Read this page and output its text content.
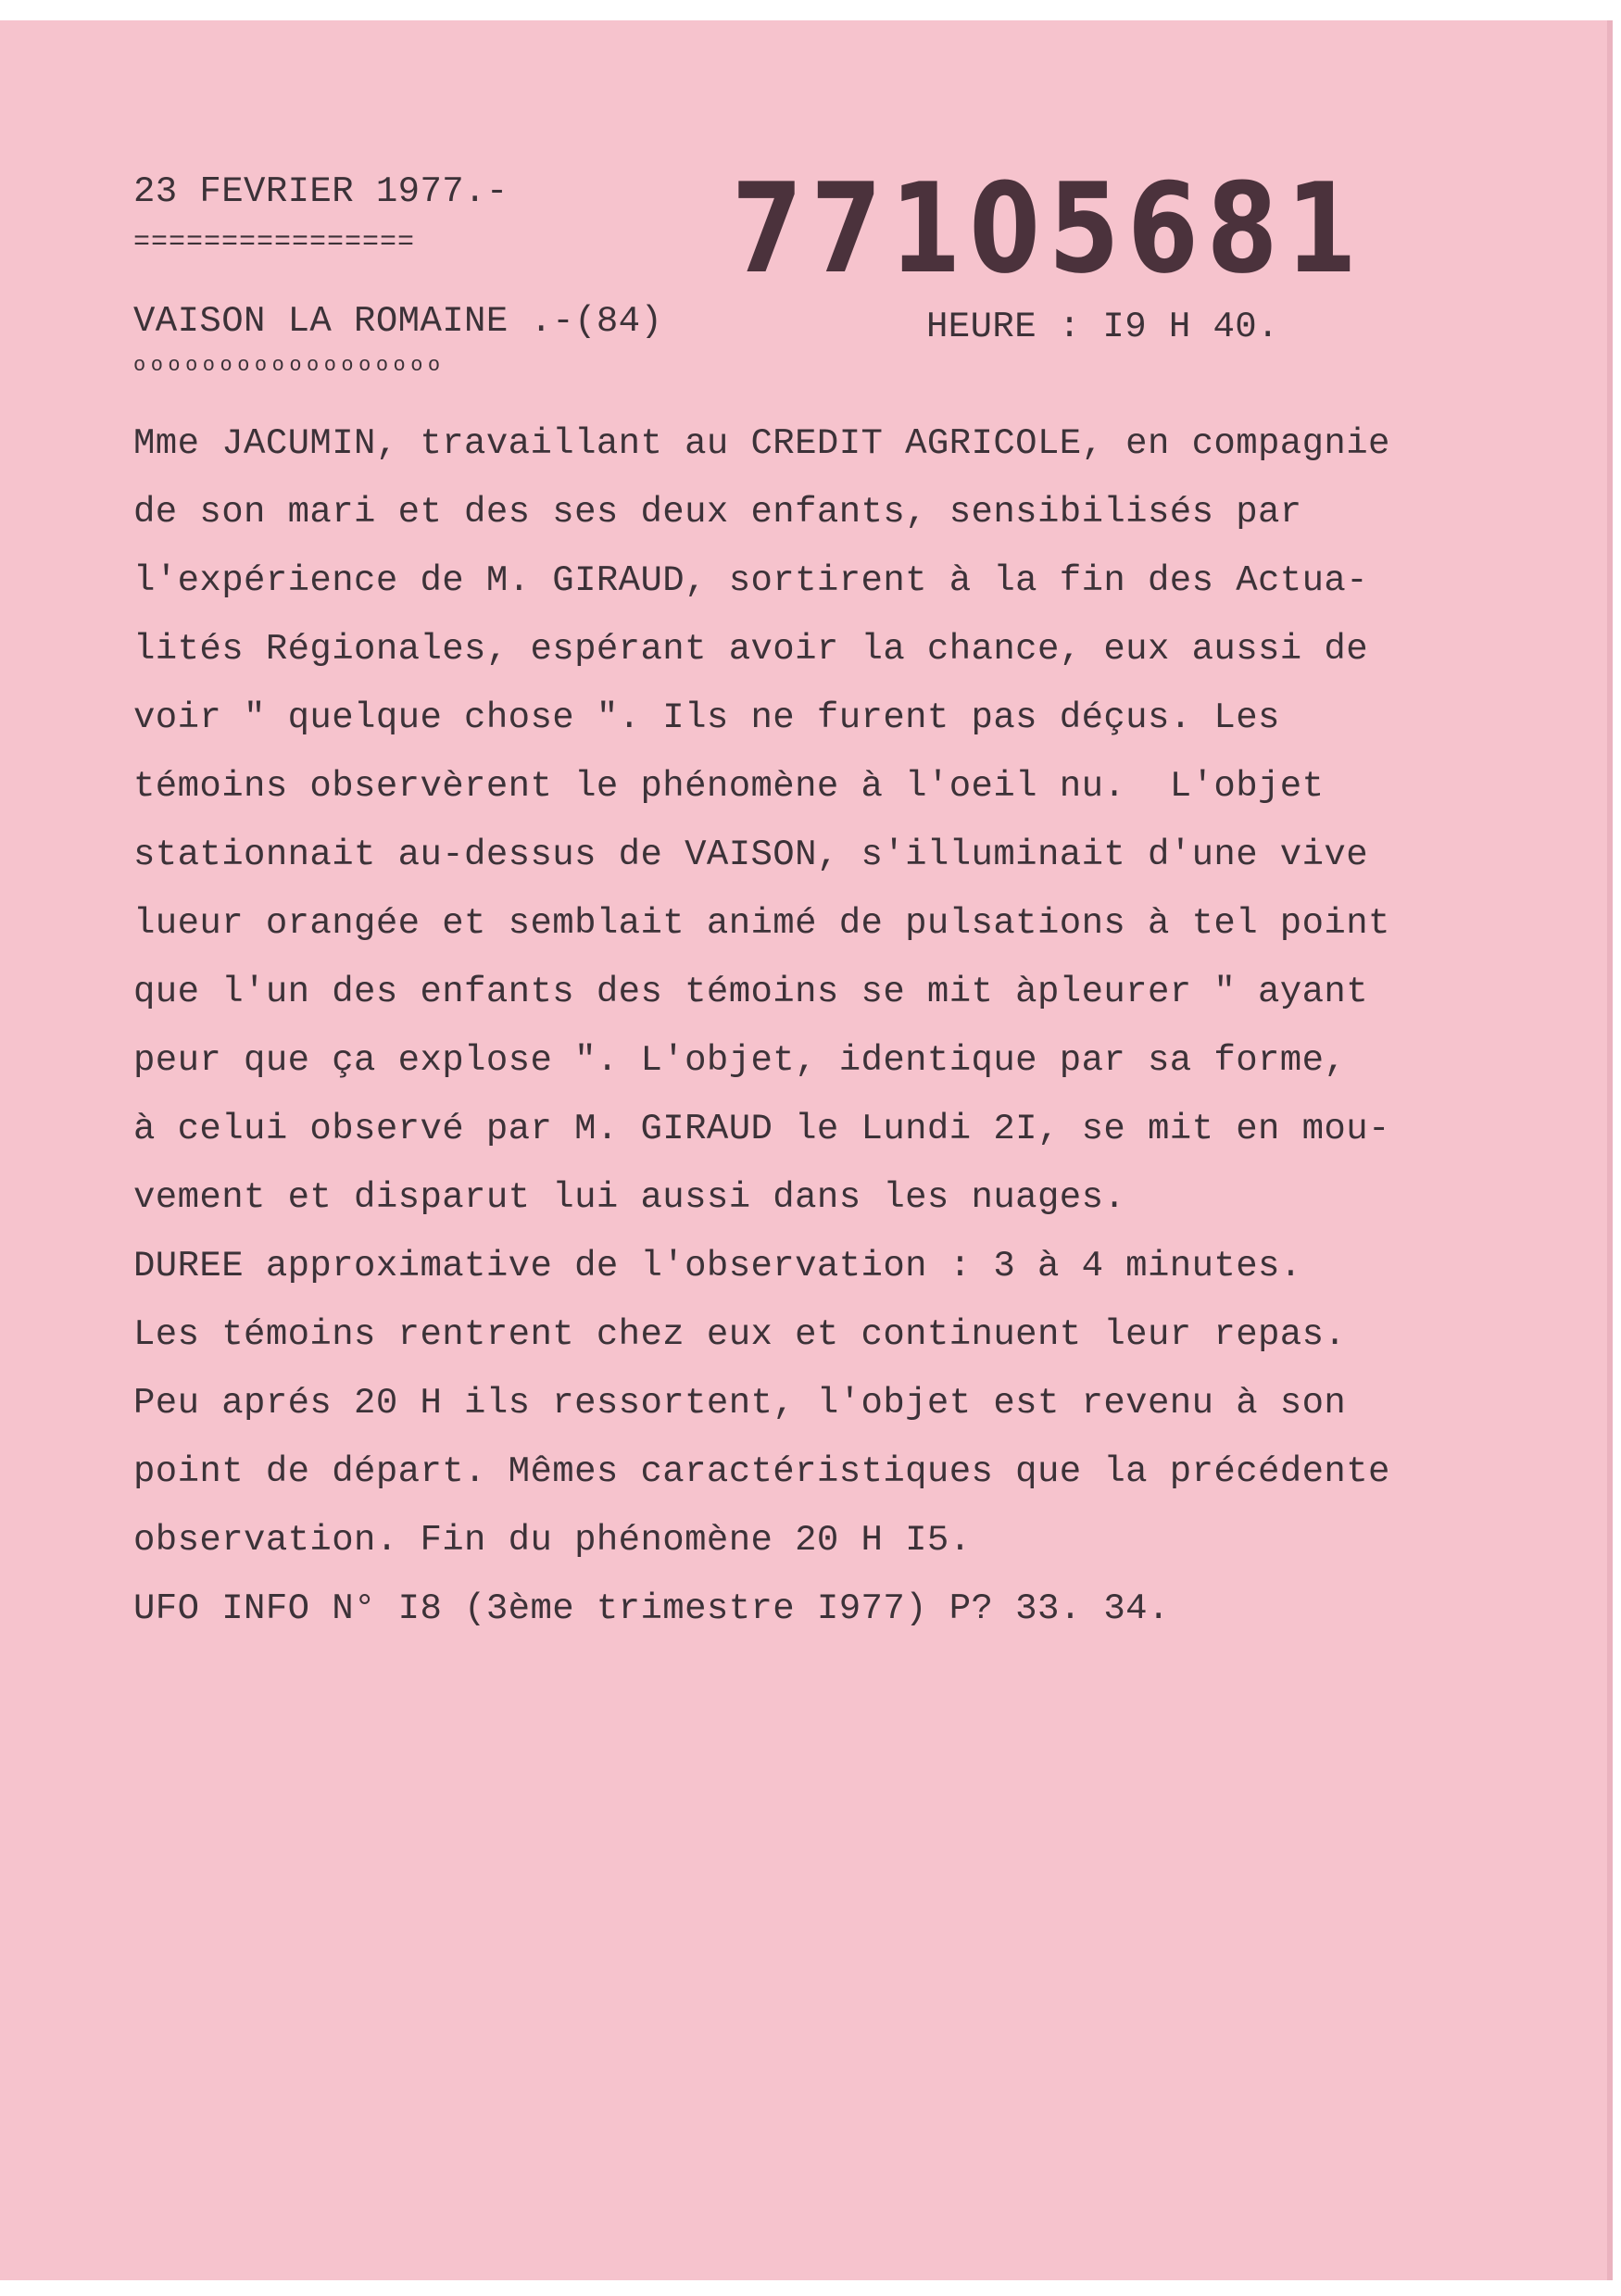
23 FEVRIER 1977.-
================	77105681
VAISON LA ROMAINE .-(84)	HEURE : I9 H 40.
oooooooooooooooooo
Mme JACUMIN, travaillant au CREDIT AGRICOLE, en compagnie
de son mari et des ses deux enfants, sensibilisés par
l'expérience de M. GIRAUD, sortirent à la fin des Actua-
lités Régionales, espérant avoir la chance, eux aussi de
voir " quelque chose ". Ils ne furent pas déçus. Les
témoins observèrent le phénomène à l'oeil nu.  L'objet
stationnait au-dessus de VAISON, s'illuminait d'une vive
lueur orangée et semblait animé de pulsations à tel point
que l'un des enfants des témoins se mit àpleurer " ayant
peur que ça explose ". L'objet, identique par sa forme,
à celui observé par M. GIRAUD le Lundi 2I, se mit en mou-
vement et disparut lui aussi dans les nuages.
DUREE approximative de l'observation : 3 à 4 minutes.
Les témoins rentrent chez eux et continuent leur repas.
Peu aprés 20 H ils ressortent, l'objet est revenu à son
point de départ. Mêmes caractéristiques que la précédente
observation. Fin du phénomène 20 H I5.
UFO INFO N° I8 (3ème trimestre I977) P? 33. 34.
